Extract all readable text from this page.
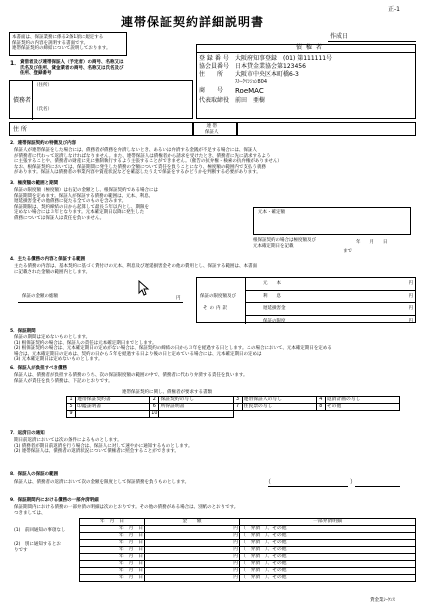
正-1
連帯保証契約詳細説明書
作成日
本書面は、保証業務に係る2条1項に規定する
保証契約の内容を説明する書面です。
連帯保証契約の締結について説明しております。
1． 貸借者及び連帯保証人（予定者）の商号、名称又は
氏名及び住所、貸金業者の商号、名称又は氏名及び
住所、登録番号
（住所）
債務者
（氏名）
住 所	連 帯
保証人
債 権 者
登 録 番 号	大阪府知事登録　(01) 第111111号
協会員番号 日本貸金業協会第123456
住　　所	大阪市中央区本町橋6-3
ｽﾄｰｸﾏﾝｼｮﾝ804
商　　号	RoeMAC
代表取締役 前田　亜樹
2．連帯保証契約の特徴及び内容
保証人が連帯保証をした場合には、債務者が債務を弁済しないとき、あるいは弁済する金銭が不足する場合には、保証人
が債務者に代わって返済しなければなりません。また、連帯保証人は債権者から請求を受けたとき、債務者に先に請求するよう
に主張することや、債務者の財産に先に強制執行するよう主張することができません。（催告の抗弁権・検索の抗弁権がありません）
なお、根保証契約においては、保証期間に発生した債務の全額について責任を負うことになり、極度額の範囲内で支払う義務
があります。保証人は債務者の事業内容や資産状況などを確認したうえで保証をするかどうかを判断する必要があります。
3．極度額の範囲と期間
保証の限度額（極度額）は右記の金額とし、根保証契約である場合には
保証期間を定めます。保証人が保証する債務の範囲は、元本、利息、
遅延損害金その他債務に従たる全てのものを含みます。
保証期限は、契約締結の日から起算して最長５年以内とし、期限を
定めない場合には３年となります。元本確定期日以降に発生した
債務については保証人は責任を負いません。
元本・確定額
根保証契約の場合は極度額及び
元本確定期日を記載
年　　月　　日
まで
4．主たる債務の内容と保証する範囲
主たる債務の内容は、基本契約に基づく貸付けの元本、利息及び遅延損害金その他の費用とし、保証する範囲は、本書面
に記載された金額の範囲内とします。
保証の金額の総額	円	保証の限度額及び
その内訳
元　　本	円
利　　息	円
遅延損害金	円
保証の限度	円
5．保証期間
保証の期間は定めないものとします。
(1) 根保証契約の場合は、保証人の責任は元本確定期日までとします。
(2) 根保証契約の場合は、元本確定期日の定めがない場合は、保証契約の締結の日から３年を経過する日とします。この場合において、元本確定期日を定める
場合は、元本確定期日の定めは、契約の日から５年を経過する日より後の日と定めている場合には、元本確定期日の定めは
(3) 元本確定期日は定めないものとします。
6．保証人が負担すべき債務
保証人は、債務者が負担する債務のうち、次の保証限度額の範囲の中で、債務者に代わり弁済する責任を負います。
保証人が責任を負う債務は、下記のとおりです。
連帯保証契約に関し、債権者が要求する書類
1	連帯保証契約書	2	保証契約の写し	3	連帯保証人の写し	4	返済計画の写し
5	印鑑証明書	6	所得証明書	7	住民票の写し	8	その他
9		10					
7．返済日の通知
期日前返済においては次の条件によるものとします。
(1) 債務者が期日前返済を行う場合は、保証人に対して速やかに通知するものとします。
(2) 連帯保証人は、債務者の返済状況について債権者に照会することができます。
8．保証人の保証の範囲
保証人は、債務者の返済において次の金額を限度として保証債務を負うものとします。	（	）
9．保証期間内における債務の一部弁済明細
保証期間内における債務の一部弁済の明細は次のとおりです。その他の債務がある場合は、別紙のとおりです。
つきましては、
(1)　前回通知の事項なし
(2)　別に通知するとおりです
年　月　日	金　　額	一部弁済明細
年　月　日	円	（　弁済　）、その他
年　月　日	円	（　弁済　）、その他
年　月　日	円	（　弁済　）、その他
年　月　日	円	（　弁済　）、その他
年　月　日	円	（　弁済　）、その他
年　月　日	円	（　弁済　）、その他
年　月　日	円	（　弁済　）、その他
年　月　日	円	（　弁済　）、その他
貸金業ｼｰｹﾝｽ
